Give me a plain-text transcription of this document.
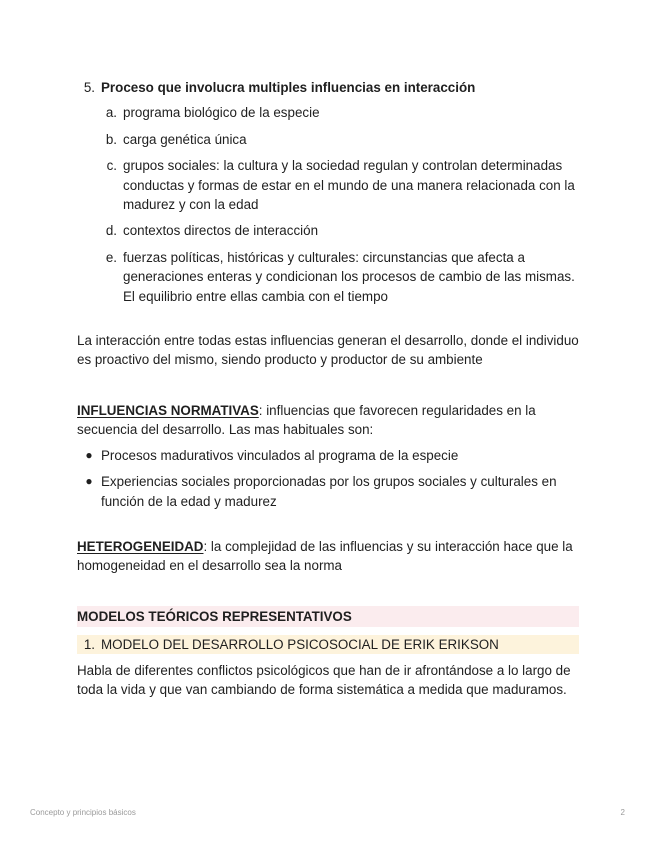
5. Proceso que involucra multiples influencias en interacción
a. programa biológico de la especie
b. carga genética única
c. grupos sociales: la cultura y la sociedad regulan y controlan determinadas conductas y formas de estar en el mundo de una manera relacionada con la madurez y con la edad
d. contextos directos de interacción
e. fuerzas políticas, históricas y culturales: circunstancias que afecta a generaciones enteras y condicionan los procesos de cambio de las mismas. El equilibrio entre ellas cambia con el tiempo

La interacción entre todas estas influencias generan el desarrollo, donde el individuo es proactivo del mismo, siendo producto y productor de su ambiente

INFLUENCIAS NORMATIVAS: influencias que favorecen regularidades en la secuencia del desarrollo. Las mas habituales son:

● Procesos madurativos vinculados al programa de la especie
● Experiencias sociales proporcionadas por los grupos sociales y culturales en función de la edad y madurez

HETEROGENEIDAD: la complejidad de las influencias y su interacción hace que la homogeneidad en el desarrollo sea la norma

MODELOS TEÓRICOS REPRESENTATIVOS
1. MODELO DEL DESARROLLO PSICOSOCIAL DE ERIK ERIKSON

Habla de diferentes conflictos psicológicos que han de ir afrontándose a lo largo de toda la vida y que van cambiando de forma sistemática a medida que maduramos.

Concepto y principios básicos	2
